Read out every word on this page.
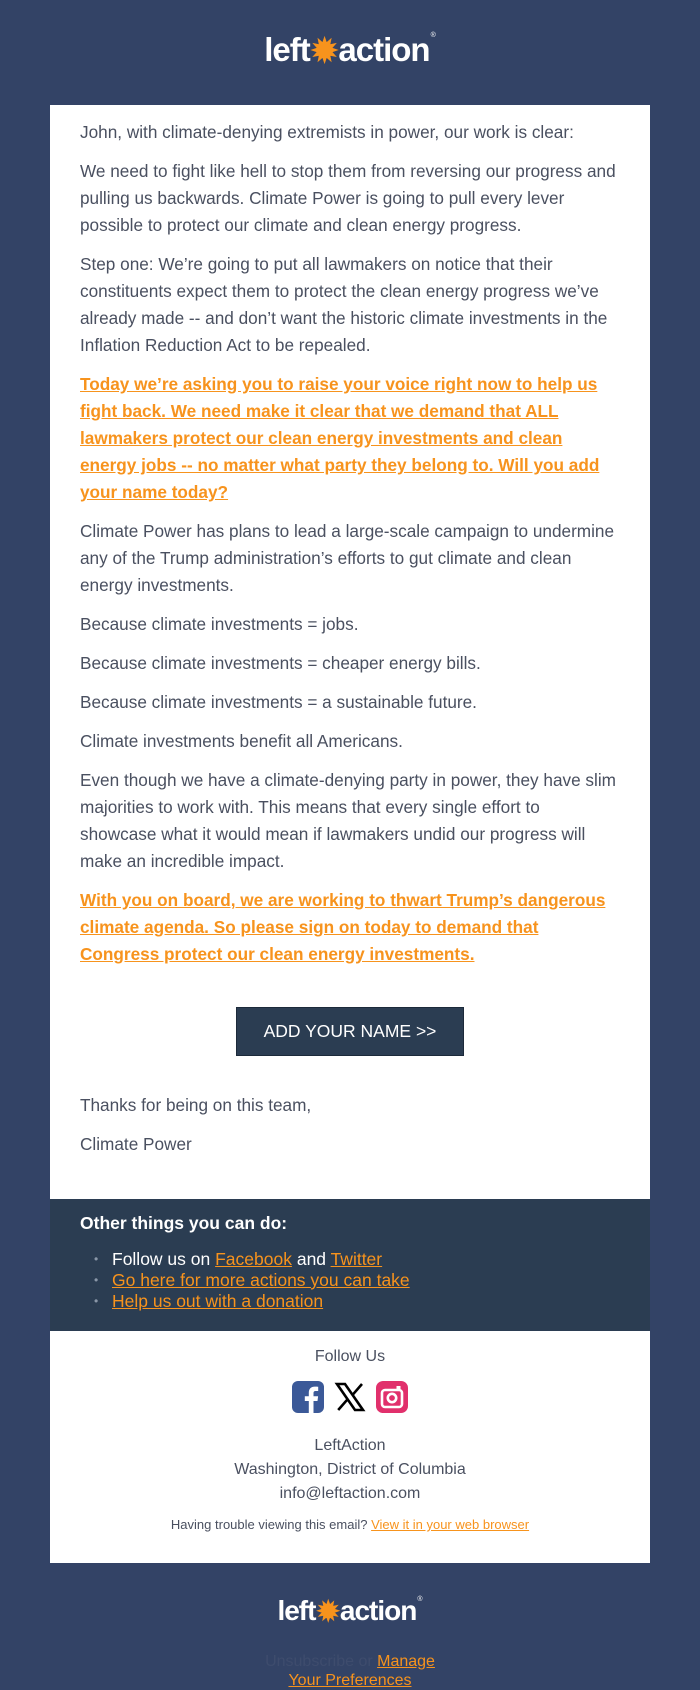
left ✹ action ®

John, with climate-denying extremists in power, our work is clear:

We need to fight like hell to stop them from reversing our progress and pulling us backwards. Climate Power is going to pull every lever possible to protect our climate and clean energy progress.

Step one: We’re going to put all lawmakers on notice that their constituents expect them to protect the clean energy progress we’ve already made -- and don’t want the historic climate investments in the Inflation Reduction Act to be repealed.

Today we’re asking you to raise your voice right now to help us fight back. We need make it clear that we demand that ALL lawmakers protect our clean energy investments and clean energy jobs -- no matter what party they belong to. Will you add your name today?

Climate Power has plans to lead a large-scale campaign to undermine any of the Trump administration’s efforts to gut climate and clean energy investments.

Because climate investments = jobs.

Because climate investments = cheaper energy bills.

Because climate investments = a sustainable future.

Climate investments benefit all Americans.

Even though we have a climate-denying party in power, they have slim majorities to work with. This means that every single effort to showcase what it would mean if lawmakers undid our progress will make an incredible impact.

With you on board, we are working to thwart Trump’s dangerous climate agenda. So please sign on today to demand that Congress protect our clean energy investments.

ADD YOUR NAME >>

Thanks for being on this team,

Climate Power

Other things you can do:
• Follow us on Facebook and Twitter
• Go here for more actions you can take
• Help us out with a donation
Follow Us
LeftAction
Washington, District of Columbia
info@leftaction.com
Having trouble viewing this email? View it in your web browser
left ✹ action ®
Unsubscribe or Manage
Your Preferences
